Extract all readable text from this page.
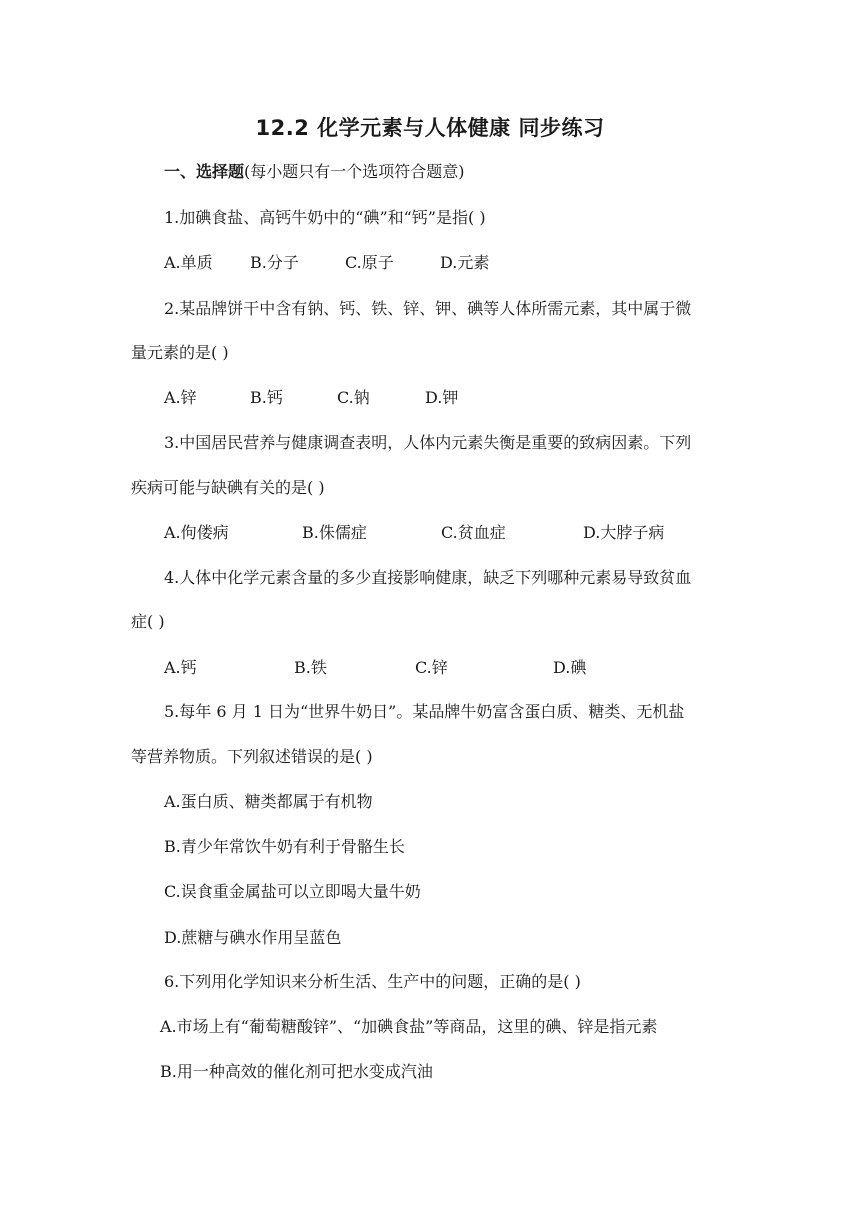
12.2 化学元素与人体健康 同步练习
一、选择题(每小题只有一个选项符合题意)
1.加碘食盐、高钙牛奶中的“碘”和“钙”是指( )
A.单质 B.分子	C.原子	D.元素
2.某品牌饼干中含有钠、钙、铁、锌、钾、碘等人体所需元素，其中属于微
量元素的是( )
A.锌	B.钙	C.钠	D.钾
3.中国居民营养与健康调查表明，人体内元素失衡是重要的致病因素。下列
疾病可能与缺碘有关的是( )
A.佝偻病	B.侏儒症	C.贫血症	D.大脖子病
4.人体中化学元素含量的多少直接影响健康，缺乏下列哪种元素易导致贫血
症( )
A.钙	B.铁	C.锌	D.碘
5.每年 6 月 1 日为“世界牛奶日”。某品牌牛奶富含蛋白质、糖类、无机盐
等营养物质。下列叙述错误的是( )
A.蛋白质、糖类都属于有机物
B.青少年常饮牛奶有利于骨骼生长
C.误食重金属盐可以立即喝大量牛奶
D.蔗糖与碘水作用呈蓝色
6.下列用化学知识来分析生活、生产中的问题，正确的是( )
A.市场上有“葡萄糖酸锌”、“加碘食盐”等商品，这里的碘、锌是指元素
B.用一种高效的催化剂可把水变成汽油
